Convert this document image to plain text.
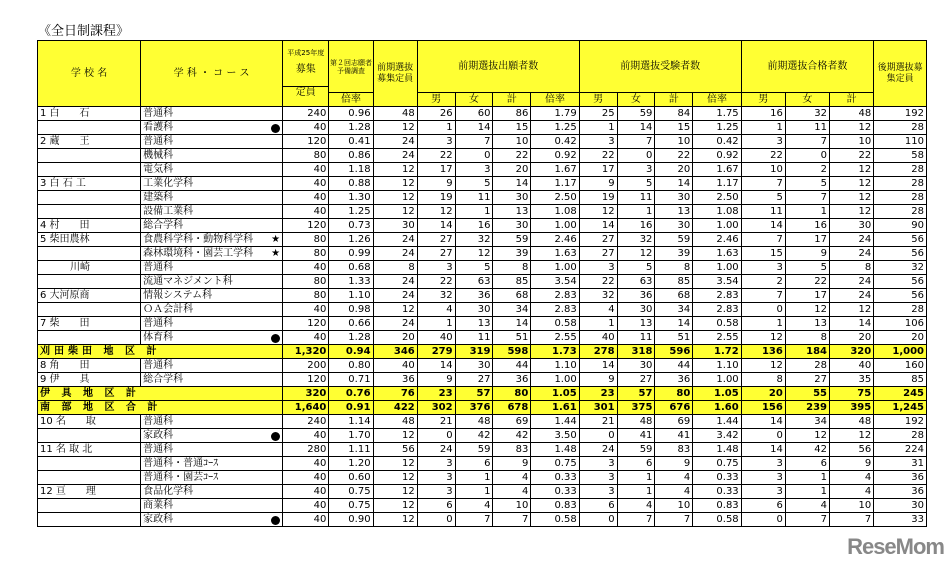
《全日制課程》
学 校 名	学 科 ・ コ ー ス	平成25年度
募集
定員	第２回志願者予備調査	前期選抜募集定員	前期選抜出願者数				前期選抜受験者数				前期選抜合格者数			後期選抜募集定員
			倍率		男	女	計	倍率	男	女	計	倍率	男	女	計	
1 白　　石	普通科	240	0.96	48	26	60	86	1.79	25	59	84	1.75	16	32	48	192
	看護科	40	1.28	12	1	14	15	1.25	1	14	15	1.25	1	11	12	28
2 蔵　　王	普通科	120	0.41	24	3	7	10	0.42	3	7	10	0.42	3	7	10	110
	機械科	80	0.86	24	22	0	22	0.92	22	0	22	0.92	22	0	22	58
	電気科	40	1.18	12	17	3	20	1.67	17	3	20	1.67	10	2	12	28
3 白 石 工	工業化学科	40	0.88	12	9	5	14	1.17	9	5	14	1.17	7	5	12	28
	建築科	40	1.30	12	19	11	30	2.50	19	11	30	2.50	5	7	12	28
	設備工業科	40	1.25	12	12	1	13	1.08	12	1	13	1.08	11	1	12	28
4 村　　田	総合学科	120	0.73	30	14	16	30	1.00	14	16	30	1.00	14	16	30	90
5 柴田農林	食農科学科・動物科学科 ★	80	1.26	24	27	32	59	2.46	27	32	59	2.46	7	17	24	56
	森林環境科・園芸工学科 ★	80	0.99	24	27	12	39	1.63	27	12	39	1.63	15	9	24	56
　　　川崎	普通科	40	0.68	8	3	5	8	1.00	3	5	8	1.00	3	5	8	32
	流通マネジメント科	80	1.33	24	22	63	85	3.54	22	63	85	3.54	2	22	24	56
6 大河原商	情報システム科	80	1.10	24	32	36	68	2.83	32	36	68	2.83	7	17	24	56
	ＯＡ会計科	40	0.98	12	4	30	34	2.83	4	30	34	2.83	0	12	12	28
7 柴　　田	普通科	120	0.66	24	1	13	14	0.58	1	13	14	0.58	1	13	14	106
	体育科	40	1.28	20	40	11	51	2.55	40	11	51	2.55	12	8	20	20
刈田柴田 地 区 計		1,320	0.94	346	279	319	598	1.73	278	318	596	1.72	136	184	320	1,000
8 角　　田	普通科	200	0.80	40	14	30	44	1.10	14	30	44	1.10	12	28	40	160
9 伊　　具	総合学科	120	0.71	36	9	27	36	1.00	9	27	36	1.00	8	27	35	85
伊 具 地 区 計		320	0.76	76	23	57	80	1.05	23	57	80	1.05	20	55	75	245
南 部 地 区 合 計		1,640	0.91	422	302	376	678	1.61	301	375	676	1.60	156	239	395	1,245
10 名　　取	普通科	240	1.14	48	21	48	69	1.44	21	48	69	1.44	14	34	48	192
	家政科	40	1.70	12	0	42	42	3.50	0	41	41	3.42	0	12	12	28
11 名 取 北	普通科	280	1.11	56	24	59	83	1.48	24	59	83	1.48	14	42	56	224
	普通科・普通ｺｰｽ	40	1.20	12	3	6	9	0.75	3	6	9	0.75	3	6	9	31
	普通科・園芸ｺｰｽ	40	0.60	12	3	1	4	0.33	3	1	4	0.33	3	1	4	36
12 亘　　理	食品化学科	40	0.75	12	3	1	4	0.33	3	1	4	0.33	3	1	4	36
	商業科	40	0.75	12	6	4	10	0.83	6	4	10	0.83	6	4	10	30
	家政科	40	0.90	12	0	7	7	0.58	0	7	7	0.58	0	7	7	33
ReseMom
